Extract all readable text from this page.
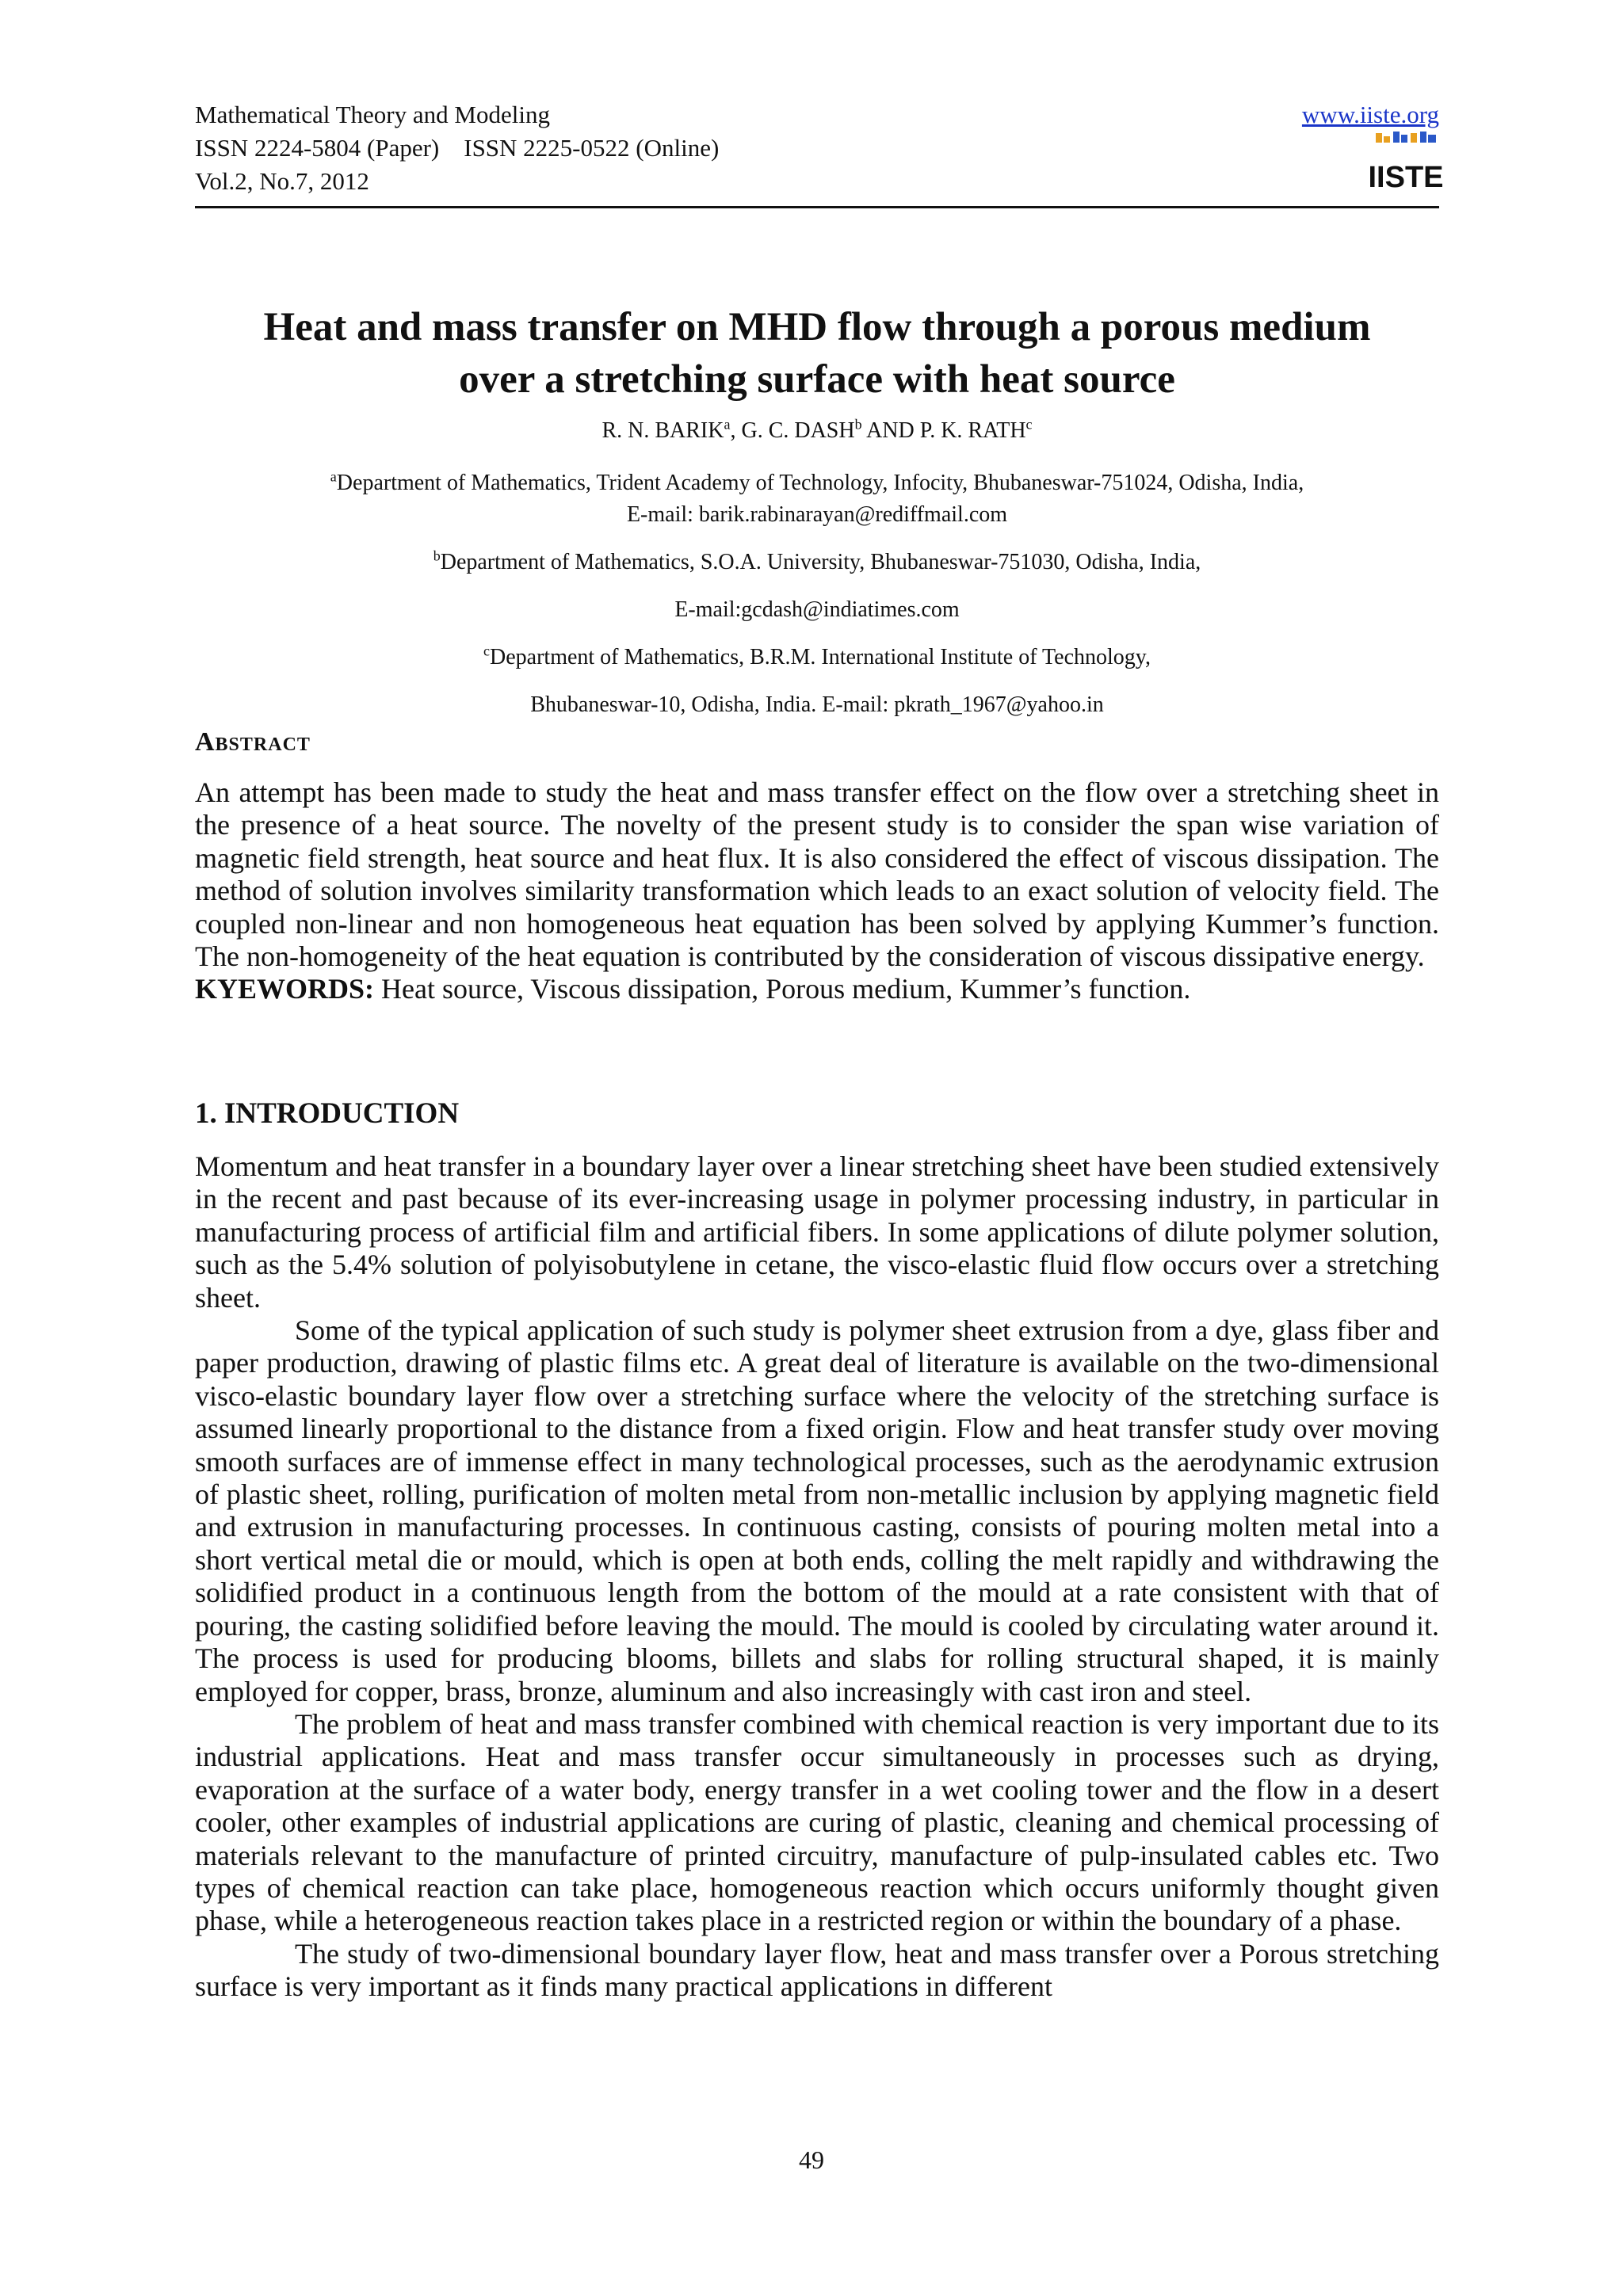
Mathematical Theory and Modeling
ISSN 2224-5804 (Paper)    ISSN 2225-0522 (Online)
Vol.2, No.7, 2012
www.iiste.org
IISTE
Heat and mass transfer on MHD flow through a porous medium
over a stretching surface with heat source
R. N. BARIK$^a$, G. C. DASH$^b$ AND P. K. RATH$^c$
$^a$Department of Mathematics, Trident Academy of Technology, Infocity, Bhubaneswar-751024, Odisha, India,
E-mail: barik.rabinarayan@rediffmail.com
$^b$Department of Mathematics, S.O.A. University, Bhubaneswar-751030, Odisha, India,
E-mail:gcdash@indiatimes.com
$^c$Department of Mathematics, B.R.M. International Institute of Technology,
Bhubaneswar-10, Odisha, India. E-mail: pkrath_1967@yahoo.in
Abstract

An attempt has been made to study the heat and mass transfer effect on the flow over a stretching sheet in the presence of a heat source. The novelty of the present study is to consider the span wise variation of magnetic field strength, heat source and heat flux. It is also considered the effect of viscous dissipation. The method of solution involves similarity transformation which leads to an exact solution of velocity field. The coupled non-linear and non homogeneous heat equation has been solved by applying Kummer’s function. The non-homogeneity of the heat equation is contributed by the consideration of viscous dissipative energy.

KYEWORDS: Heat source, Viscous dissipation, Porous medium, Kummer’s function.

1. INTRODUCTION

Momentum and heat transfer in a boundary layer over a linear stretching sheet have been studied extensively in the recent and past because of its ever-increasing usage in polymer processing industry, in particular in manufacturing process of artificial film and artificial fibers. In some applications of dilute polymer solution, such as the 5.4% solution of polyisobutylene in cetane, the visco-elastic fluid flow occurs over a stretching sheet.

Some of the typical application of such study is polymer sheet extrusion from a dye, glass fiber and paper production, drawing of plastic films etc. A great deal of literature is available on the two-dimensional visco-elastic boundary layer flow over a stretching surface where the velocity of the stretching surface is assumed linearly proportional to the distance from a fixed origin. Flow and heat transfer study over moving smooth surfaces are of immense effect in many technological processes, such as the aerodynamic extrusion of plastic sheet, rolling, purification of molten metal from non-metallic inclusion by applying magnetic field and extrusion in manufacturing processes. In continuous casting, consists of pouring molten metal into a short vertical metal die or mould, which is open at both ends, colling the melt rapidly and withdrawing the solidified product in a continuous length from the bottom of the mould at a rate consistent with that of pouring, the casting solidified before leaving the mould. The mould is cooled by circulating water around it. The process is used for producing blooms, billets and slabs for rolling structural shaped, it is mainly employed for copper, brass, bronze, aluminum and also increasingly with cast iron and steel.

The problem of heat and mass transfer combined with chemical reaction is very important due to its industrial applications. Heat and mass transfer occur simultaneously in processes such as drying, evaporation at the surface of a water body, energy transfer in a wet cooling tower and the flow in a desert cooler, other examples of industrial applications are curing of plastic, cleaning and chemical processing of materials relevant to the manufacture of printed circuitry, manufacture of pulp-insulated cables etc. Two types of chemical reaction can take place, homogeneous reaction which occurs uniformly thought given phase, while a heterogeneous reaction takes place in a restricted region or within the boundary of a phase.

The study of two-dimensional boundary layer flow, heat and mass transfer over a Porous stretching surface is very important as it finds many practical applications in different

49
